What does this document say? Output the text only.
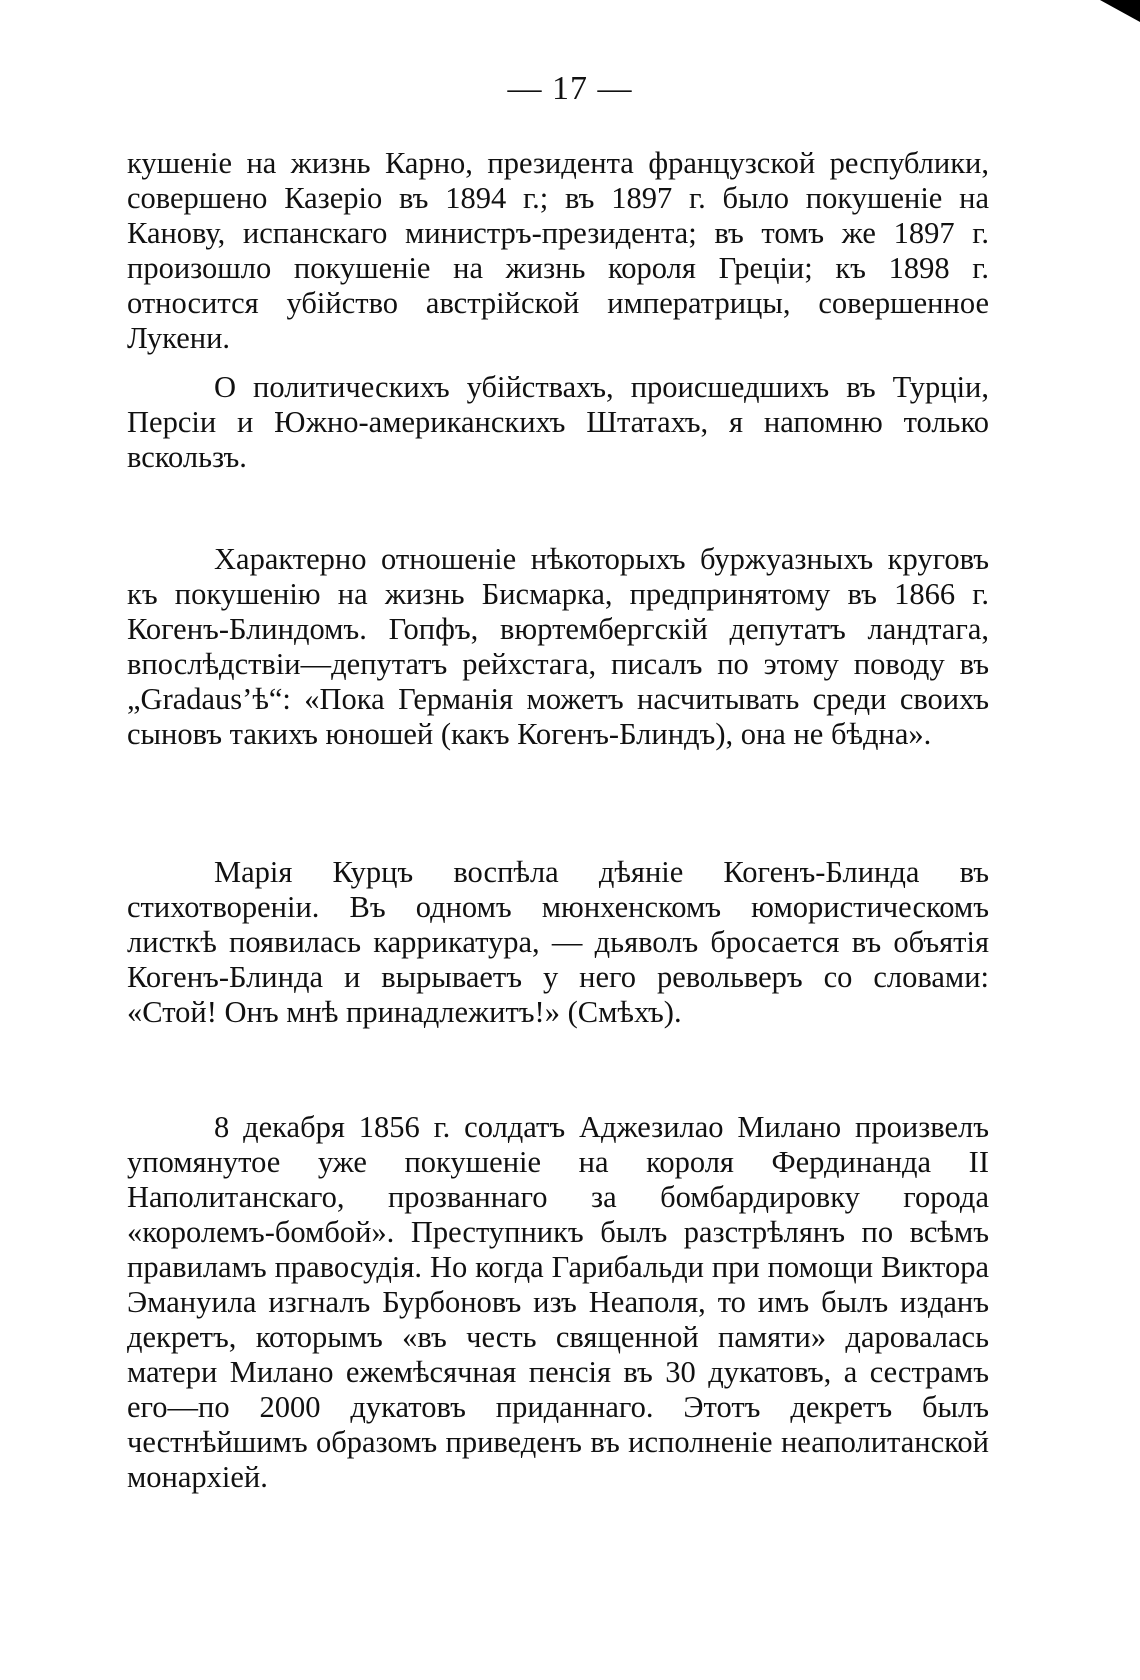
— 17 —

кушеніе на жизнь Карно, президента французской республики, совершено Казеріо въ 1894 г.; въ 1897 г. было покушеніе на Канову, испанскаго министръ-президента; въ томъ же 1897 г. произошло покушеніе на жизнь короля Греціи; къ 1898 г. относится убійство австрійской императрицы, совершенное Лукени.

О политическихъ убійствахъ, происшедшихъ въ Турціи, Персіи и Южно-американскихъ Штатахъ, я напомню только вскользъ.

Характерно отношеніе нѣкоторыхъ буржуазныхъ круговъ къ покушенію на жизнь Бисмарка, предпринятому въ 1866 г. Когенъ-Блиндомъ. Гопфъ, вюртембергскій депутатъ ландтага, впослѣдствіи—депутатъ рейхстага, писалъ по этому поводу въ „Gradaus’ѣ“: «Пока Германія можетъ насчитывать среди своихъ сыновъ такихъ юношей (какъ Когенъ-Блиндъ), она не бѣдна».

Марія Курцъ воспѣла дѣяніе Когенъ-Блинда въ стихотвореніи. Въ одномъ мюнхенскомъ юмористическомъ листкѣ появилась каррикатура, — дьяволъ бросается въ объятія Когенъ-Блинда и вырываетъ у него револьверъ со словами: «Стой! Онъ мнѣ принадлежитъ!» (Смѣхъ).

8 декабря 1856 г. солдатъ Аджезилао Милано произвелъ упомянутое уже покушеніе на короля Фердинанда II Наполитанскаго, прозваннаго за бомбардировку города «королемъ-бомбой». Преступникъ былъ разстрѣлянъ по всѣмъ правиламъ правосудія. Но когда Гарибальди при помощи Виктора Эмануила изгналъ Бурбоновъ изъ Неаполя, то имъ былъ изданъ декретъ, которымъ «въ честь священной памяти» даровалась матери Милано ежемѣсячная пенсія въ 30 дукатовъ, а сестрамъ его—по 2000 дукатовъ приданнаго. Этотъ декретъ былъ честнѣйшимъ образомъ приведенъ въ исполненіе неаполитанской монархіей.
